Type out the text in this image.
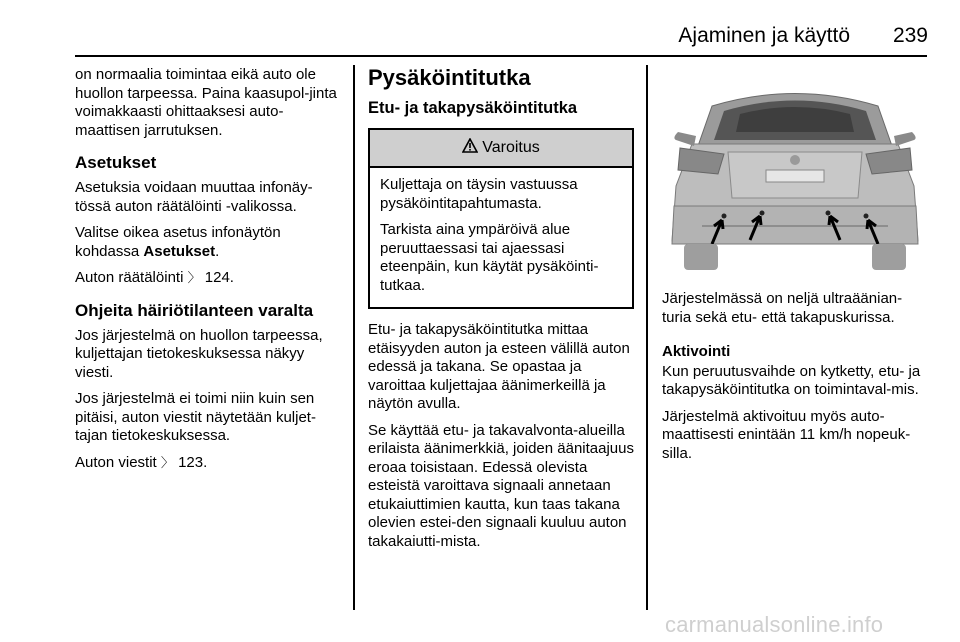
Ajaminen ja käyttö	239

on normaalia toimintaa eikä auto ole huollon tarpeessa. Paina kaasupol-jinta voimakkaasti ohittaaksesi auto-maattisen jarrutuksen.

Asetukset

Asetuksia voidaan muuttaa infonäy-tössä auton räätälöinti -valikossa.

Valitse oikea asetus infonäytön kohdassa Asetukset.

Auton räätälöinti 〉 124.

Ohjeita häiriötilanteen varalta

Jos järjestelmä on huollon tarpeessa, kuljettajan tietokeskuksessa näkyy viesti.

Jos järjestelmä ei toimi niin kuin sen pitäisi, auton viestit näytetään kuljet-tajan tietokeskuksessa.

Auton viestit 〉 123.

Pysäköintitutka
Etu- ja takapysäköintitutka
Varoitus

Kuljettaja on täysin vastuussa pysäköintitapahtumasta.

Tarkista aina ympäröivä alue peruuttaessasi tai ajaessasi eteenpäin, kun käytät pysäköinti-tutkaa.

Etu- ja takapysäköintitutka mittaa etäisyyden auton ja esteen välillä auton edessä ja takana. Se opastaa ja varoittaa kuljettajaa äänimerkeillä ja näytön avulla.

Se käyttää etu- ja takavalvonta-alueilla erilaista äänimerkkiä, joiden äänitaajuus eroaa toisistaan. Edessä olevista esteistä varoittava signaali annetaan etukaiuttimien kautta, kun taas takana olevien estei-den signaali kuuluu auton takakaiutti-mista.

Järjestelmässä on neljä ultraäänian-turia sekä etu- että takapuskurissa.

Aktivointi

Kun peruutusvaihde on kytketty, etu- ja takapysäköintitutka on toimintaval-mis.

Järjestelmä aktivoituu myös auto-maattisesti enintään 11 km/h nopeuk-silla.

carmanualsonline.info
